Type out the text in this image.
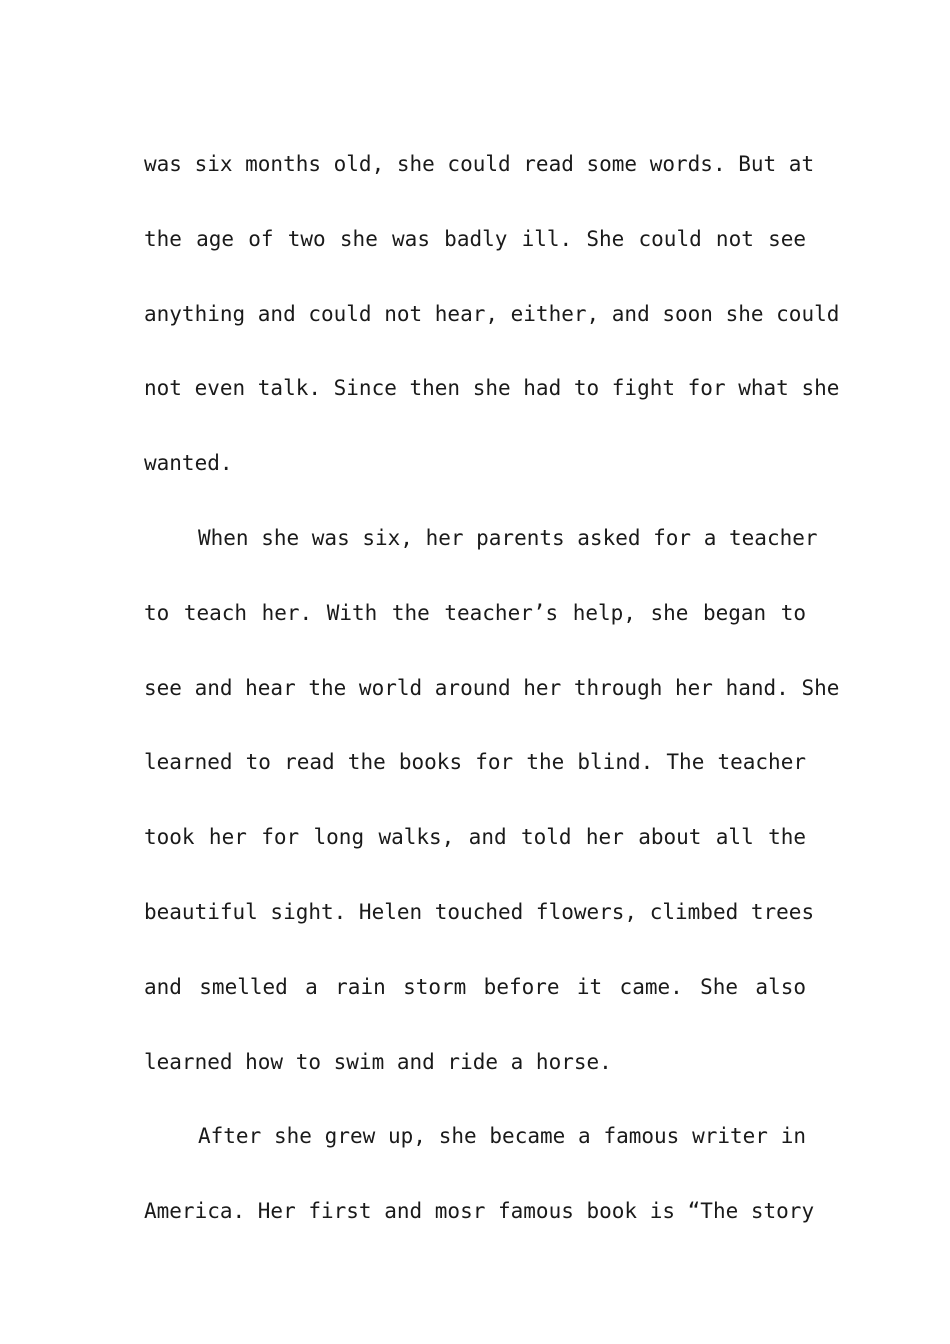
was six months old, she could read some words. But at
the age of two she was badly ill. She could not see
anything and could not hear, either, and soon she could
not even talk. Since then she had to fight for what she
wanted.
When she was six, her parents asked for a teacher
to teach her. With the teacher’s help, she began to
see and hear the world around her through her hand. She
learned to read the books for the blind. The teacher
took her for long walks, and told her about all the
beautiful sight. Helen touched flowers, climbed trees
and smelled a rain storm before it came. She also
learned how to swim and ride a horse.
After she grew up, she became a famous writer in
America. Her first and mosr famous book is “The story
